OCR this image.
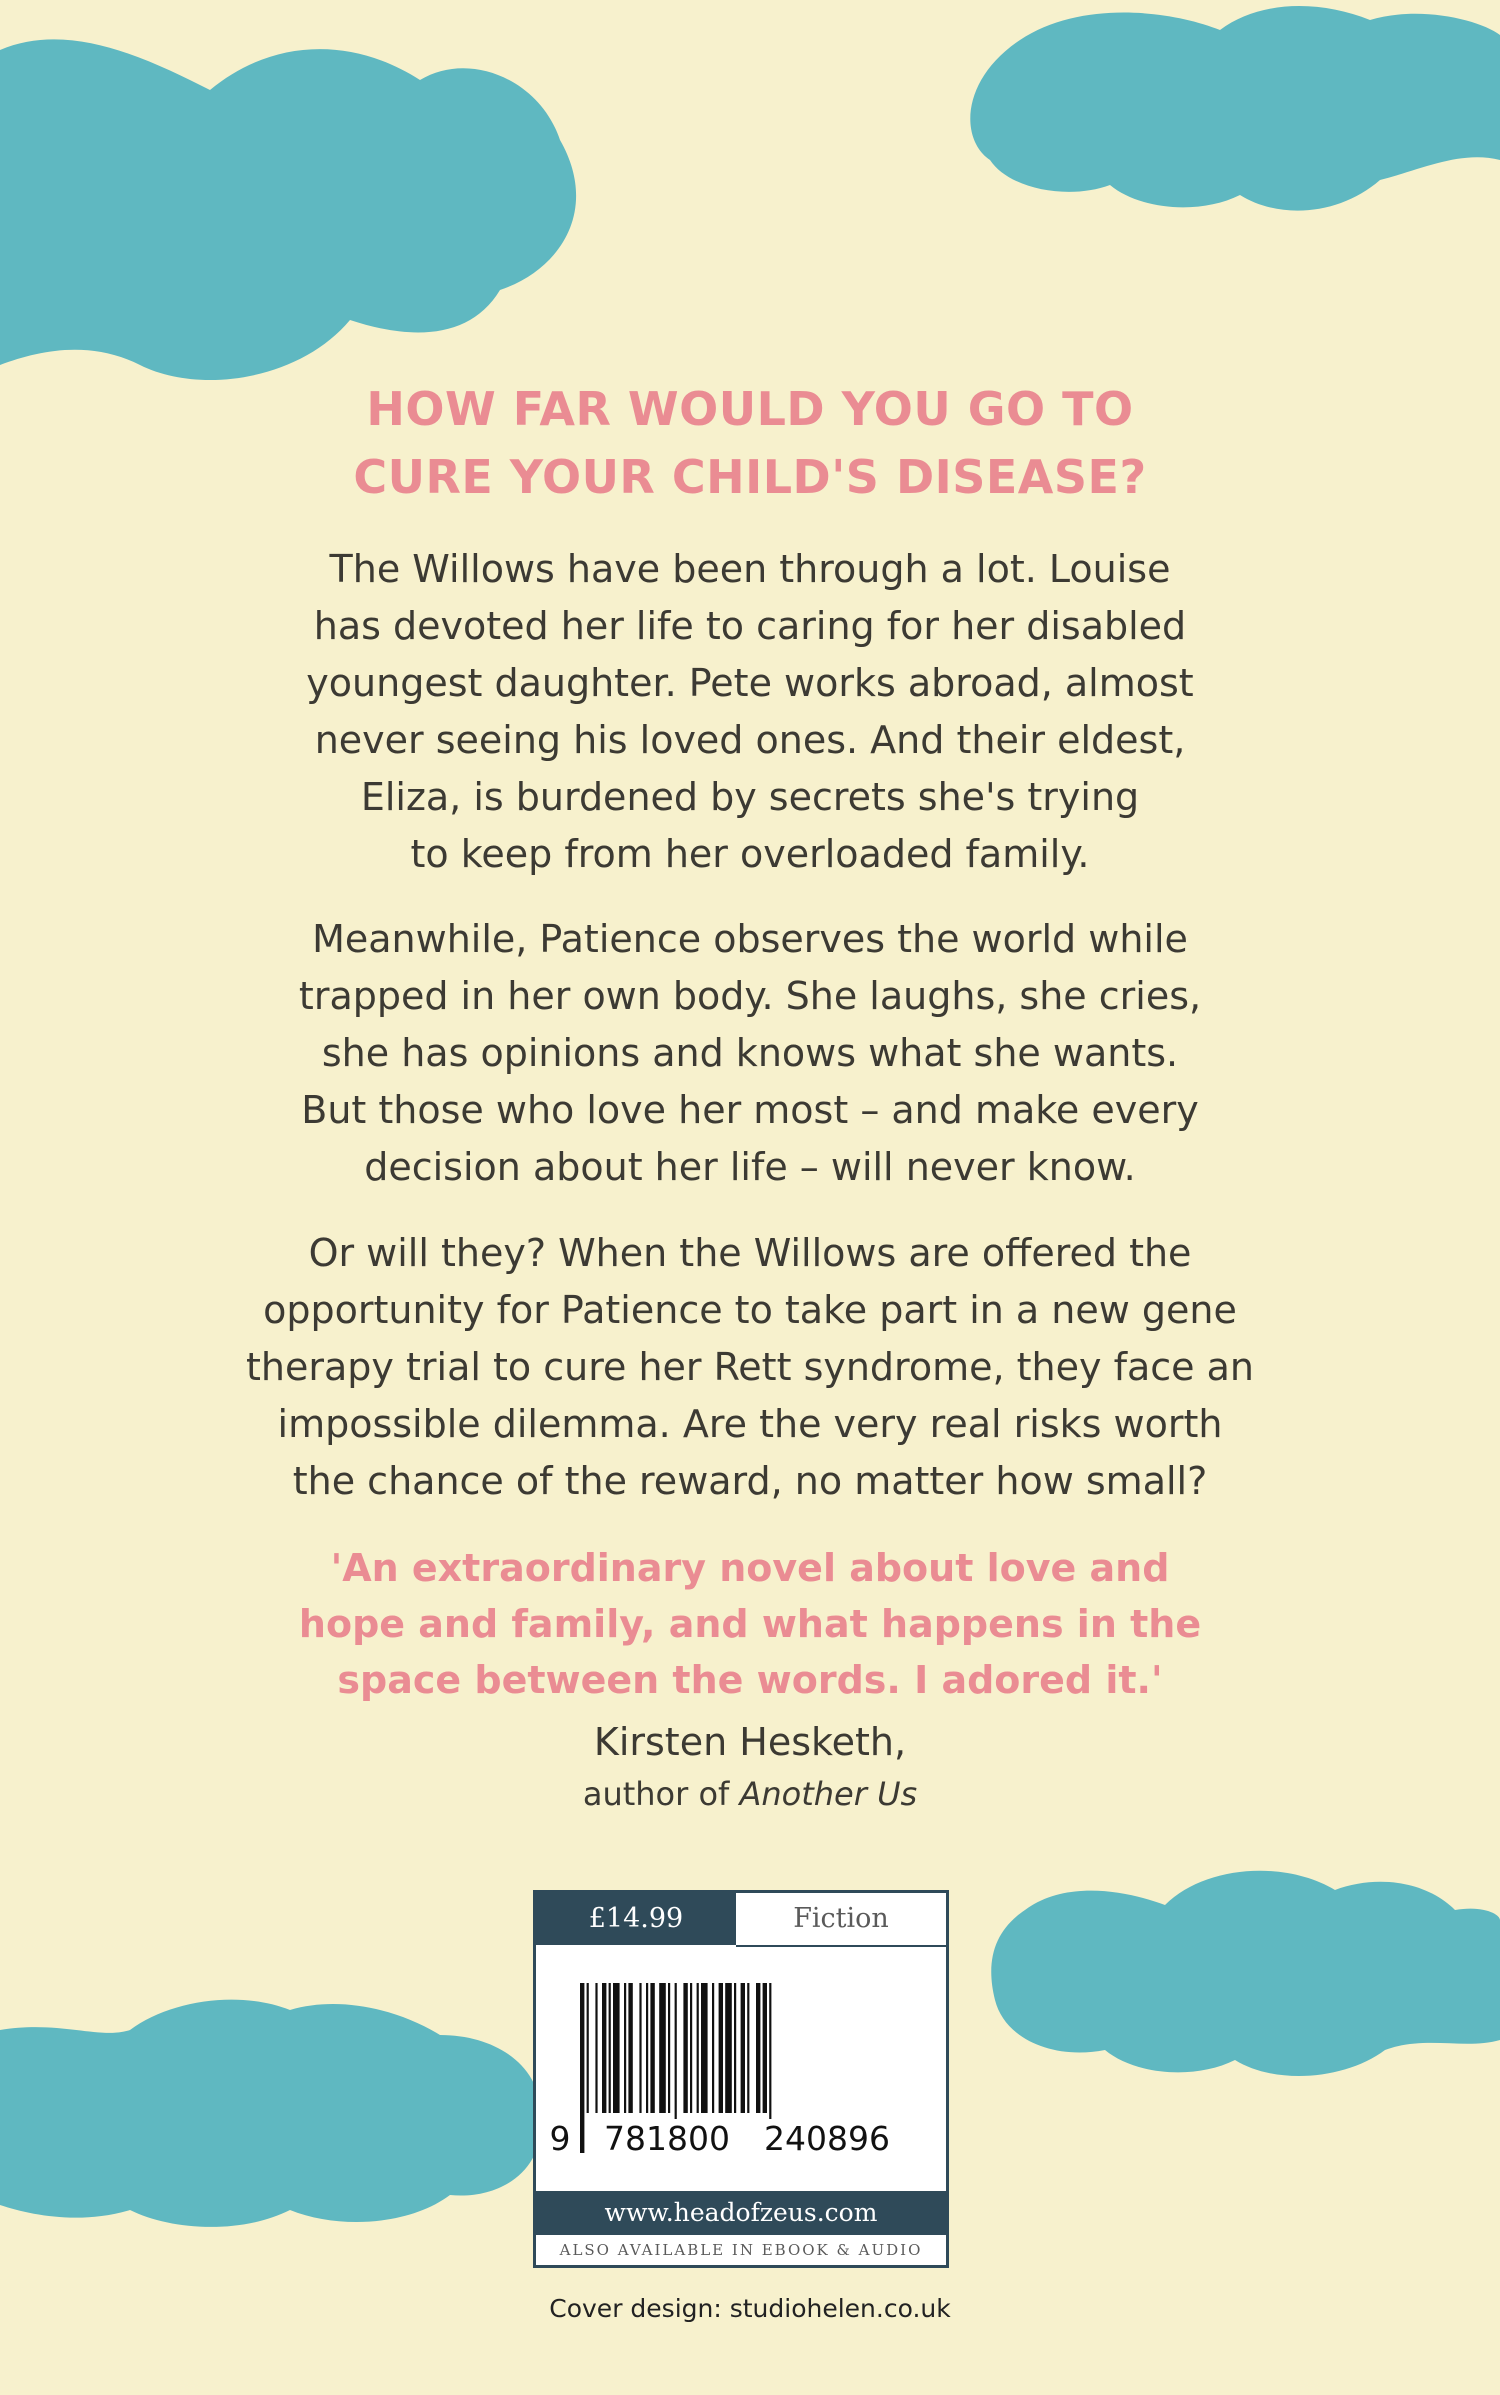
HOW FAR WOULD YOU GO TO
CURE YOUR CHILD'S DISEASE?
The Willows have been through a lot. Louise
has devoted her life to caring for her disabled
youngest daughter. Pete works abroad, almost
never seeing his loved ones. And their eldest,
Eliza, is burdened by secrets she's trying
to keep from her overloaded family.
Meanwhile, Patience observes the world while
trapped in her own body. She laughs, she cries,
she has opinions and knows what she wants.
But those who love her most – and make every
decision about her life – will never know.
Or will they? When the Willows are offered the
opportunity for Patience to take part in a new gene
therapy trial to cure her Rett syndrome, they face an
impossible dilemma. Are the very real risks worth
the chance of the reward, no matter how small?
'An extraordinary novel about love and
hope and family, and what happens in the
space between the words. I adored it.'
Kirsten Hesketh,
author of Another Us
£14.99	Fiction
9 781800 240896
www.headofzeus.com
ALSO AVAILABLE IN EBOOK & AUDIO
Cover design: studiohelen.co.uk
